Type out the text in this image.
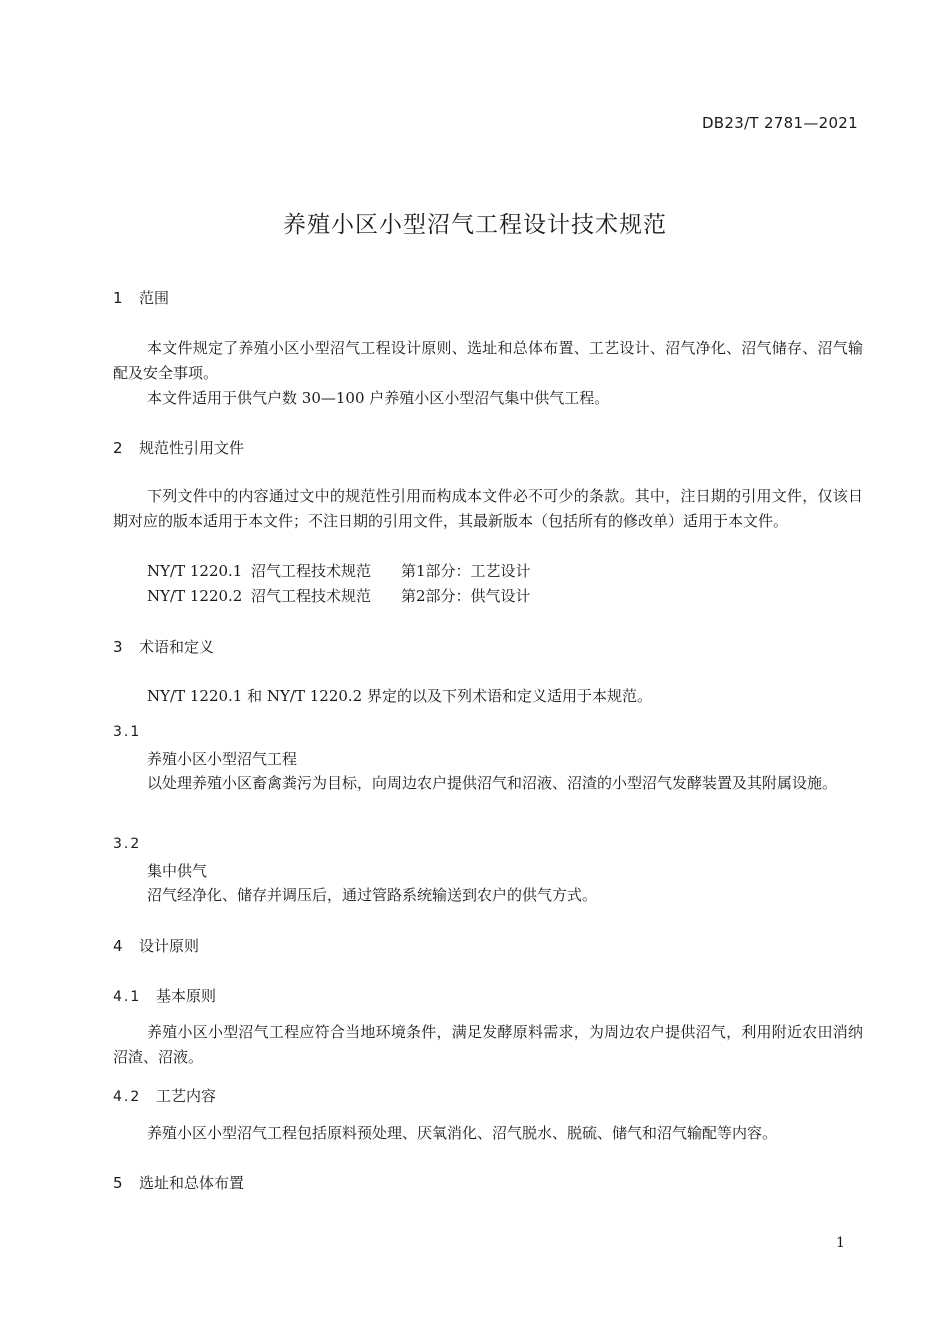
DB23/T 2781—2021
养殖小区小型沼气工程设计技术规范
1 范围

本文件规定了养殖小区小型沼气工程设计原则、选址和总体布置、工艺设计、沼气净化、沼气储存、沼气输配及安全事项。

本文件适用于供气户数 30—100 户养殖小区小型沼气集中供气工程。

2 规范性引用文件

下列文件中的内容通过文中的规范性引用而构成本文件必不可少的条款。其中，注日期的引用文件，仅该日期对应的版本适用于本文件；不注日期的引用文件，其最新版本（包括所有的修改单）适用于本文件。

NY/T 1220.1 沼气工程技术规范 第1部分：工艺设计
NY/T 1220.2 沼气工程技术规范 第2部分：供气设计
3 术语和定义

NY/T 1220.1 和 NY/T 1220.2 界定的以及下列术语和定义适用于本规范。

3.1
养殖小区小型沼气工程

以处理养殖小区畜禽粪污为目标，向周边农户提供沼气和沼液、沼渣的小型沼气发酵装置及其附属设施。

3.2
集中供气

沼气经净化、储存并调压后，通过管路系统输送到农户的供气方式。

4 设计原则
4.1 基本原则

养殖小区小型沼气工程应符合当地环境条件，满足发酵原料需求，为周边农户提供沼气，利用附近农田消纳沼渣、沼液。

4.2 工艺内容

养殖小区小型沼气工程包括原料预处理、厌氧消化、沼气脱水、脱硫、储气和沼气输配等内容。

5 选址和总体布置
1
